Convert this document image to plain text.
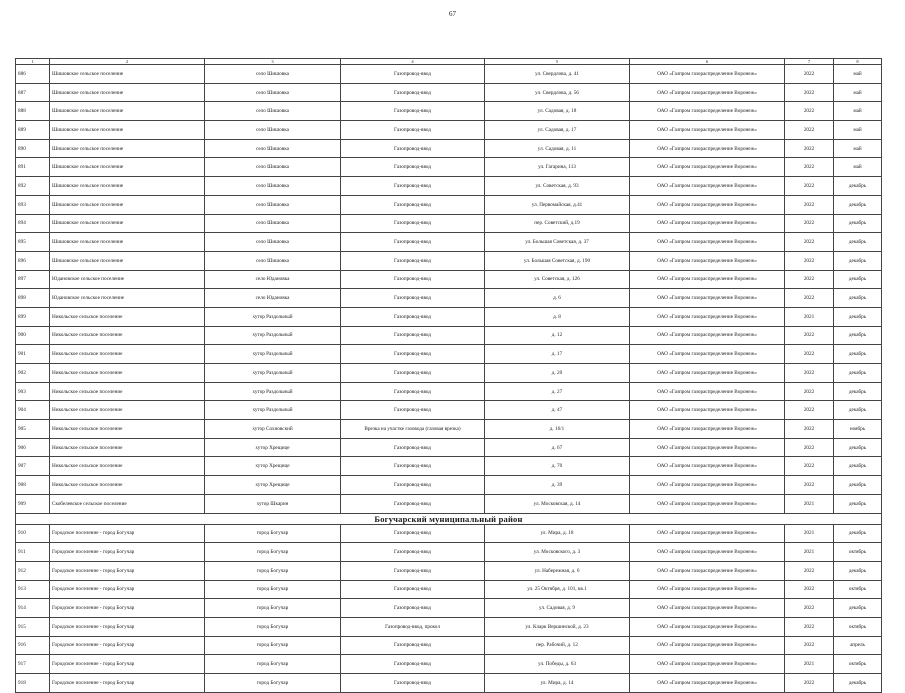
67
1	2	3	4	5	6	7	8
886	Шишовское сельское поселение	село Шишовка	Газопровод-ввод	ул. Свердлова, д. 41	ОАО «Газпром газораспределение Воронеж»	2022	май
887	Шишовское сельское поселение	село Шишовка	Газопровод-ввод	ул. Свердлова, д. 56	ОАО «Газпром газораспределение Воронеж»	2022	май
888	Шишовское сельское поселение	село Шишовка	Газопровод-ввод	ул. Садовая, д. 18	ОАО «Газпром газораспределение Воронеж»	2022	май
889	Шишовское сельское поселение	село Шишовка	Газопровод-ввод	ул. Садовая, д. 17	ОАО «Газпром газораспределение Воронеж»	2022	май
890	Шишовское сельское поселение	село Шишовка	Газопровод-ввод	ул. Садовая, д. 11	ОАО «Газпром газораспределение Воронеж»	2022	май
891	Шишовское сельское поселение	село Шишовка	Газопровод-ввод	ул. Гагарина, 113	ОАО «Газпром газораспределение Воронеж»	2022	май
892	Шишовское сельское поселение	село Шишовка	Газопровод-ввод	ул. Советская, д. 93	ОАО «Газпром газораспределение Воронеж»	2022	декабрь
893	Шишовское сельское поселение	село Шишовка	Газопровод-ввод	ул. Первомайская, д.41	ОАО «Газпром газораспределение Воронеж»	2022	декабрь
894	Шишовское сельское поселение	село Шишовка	Газопровод-ввод	пер. Советский, д.19	ОАО «Газпром газораспределение Воронеж»	2022	декабрь
895	Шишовское сельское поселение	село Шишовка	Газопровод-ввод	ул. Большая Советская, д. 37	ОАО «Газпром газораспределение Воронеж»	2022	декабрь
896	Шишовское сельское поселение	село Шишовка	Газопровод-ввод	ул. Большая Советская, д. 190	ОАО «Газпром газораспределение Воронеж»	2022	декабрь
897	Юдановское сельское поселение	село Юдановка	Газопровод-ввод	ул. Советская, д. 126	ОАО «Газпром газораспределение Воронеж»	2022	декабрь
898	Юдановское сельское поселение	село Юдановка	Газопровод-ввод	д. 6	ОАО «Газпром газораспределение Воронеж»	2022	декабрь
899	Никольское сельское поселение	хутор Раздольный	Газопровод-ввод	д. 8	ОАО «Газпром газораспределение Воронеж»	2021	декабрь
900	Никольское сельское поселение	хутор Раздольный	Газопровод-ввод	д. 12	ОАО «Газпром газораспределение Воронеж»	2022	декабрь
901	Никольское сельское поселение	хутор Раздольный	Газопровод-ввод	д. 17	ОАО «Газпром газораспределение Воронеж»	2022	декабрь
902	Никольское сельское поселение	хутор Раздольный	Газопровод-ввод	д. 20	ОАО «Газпром газораспределение Воронеж»	2022	декабрь
903	Никольское сельское поселение	хутор Раздольный	Газопровод-ввод	д. 27	ОАО «Газпром газораспределение Воронеж»	2022	декабрь
904	Никольское сельское поселение	хутор Раздольный	Газопровод-ввод	д. 47	ОАО «Газпром газораспределение Воронеж»	2022	декабрь
905	Никольское сельское поселение	хутор Сохновский	Врезка на участке газовода (газовая врезка)	д. 16/1	ОАО «Газпром газораспределение Воронеж»	2022	ноябрь
906	Никольское сельское поселение	хутор Хрещице	Газопровод-ввод	д. 67	ОАО «Газпром газораспределение Воронеж»	2022	декабрь
907	Никольское сельское поселение	хутор Хрещице	Газопровод-ввод	д. 70	ОАО «Газпром газораспределение Воронеж»	2022	декабрь
908	Никольское сельское поселение	хутор Хрещице	Газопровод-ввод	д. 39	ОАО «Газпром газораспределение Воронеж»	2022	декабрь
909	Скобелевское сельское поселение	хутор Шкарин	Газопровод-ввод	ул. Московская, д. 14	ОАО «Газпром газораспределение Воронеж»	2021	декабрь
Богучарский муниципальный район							
910	Городское поселение - город Богучар	город Богучар	Газопровод-ввод	ул. Мира, д. 18	ОАО «Газпром газораспределение Воронеж»	2021	декабрь
911	Городское поселение - город Богучар	город Богучар	Газопровод-ввод	ул. Московского, д. 3	ОАО «Газпром газораспределение Воронеж»	2021	октябрь
912	Городское поселение - город Богучар	город Богучар	Газопровод-ввод	ул. Набережная, д. 6	ОАО «Газпром газораспределение Воронеж»	2022	декабрь
913	Городское поселение - город Богучар	город Богучар	Газопровод-ввод	ул. 25 Октября, д. 101, кв.1	ОАО «Газпром газораспределение Воронеж»	2022	октябрь
914	Городское поселение - город Богучар	город Богучар	Газопровод-ввод	ул. Садовая, д. 9	ОАО «Газпром газораспределение Воронеж»	2022	декабрь
915	Городское поселение - город Богучар	город Богучар	Газопровод-ввод, прокол	ул. Кларк Вершинской, д. 23	ОАО «Газпром газораспределение Воронеж»	2022	октябрь
916	Городское поселение - город Богучар	город Богучар	Газопровод-ввод	пер. Рабочий, д. 12	ОАО «Газпром газораспределение Воронеж»	2022	апрель
917	Городское поселение - город Богучар	город Богучар	Газопровод-ввод	ул. Победы, д. 63	ОАО «Газпром газораспределение Воронеж»	2021	октябрь
918	Городское поселение - город Богучар	город Богучар	Газопровод-ввод	ул. Мира, д. 14	ОАО «Газпром газораспределение Воронеж»	2022	декабрь
